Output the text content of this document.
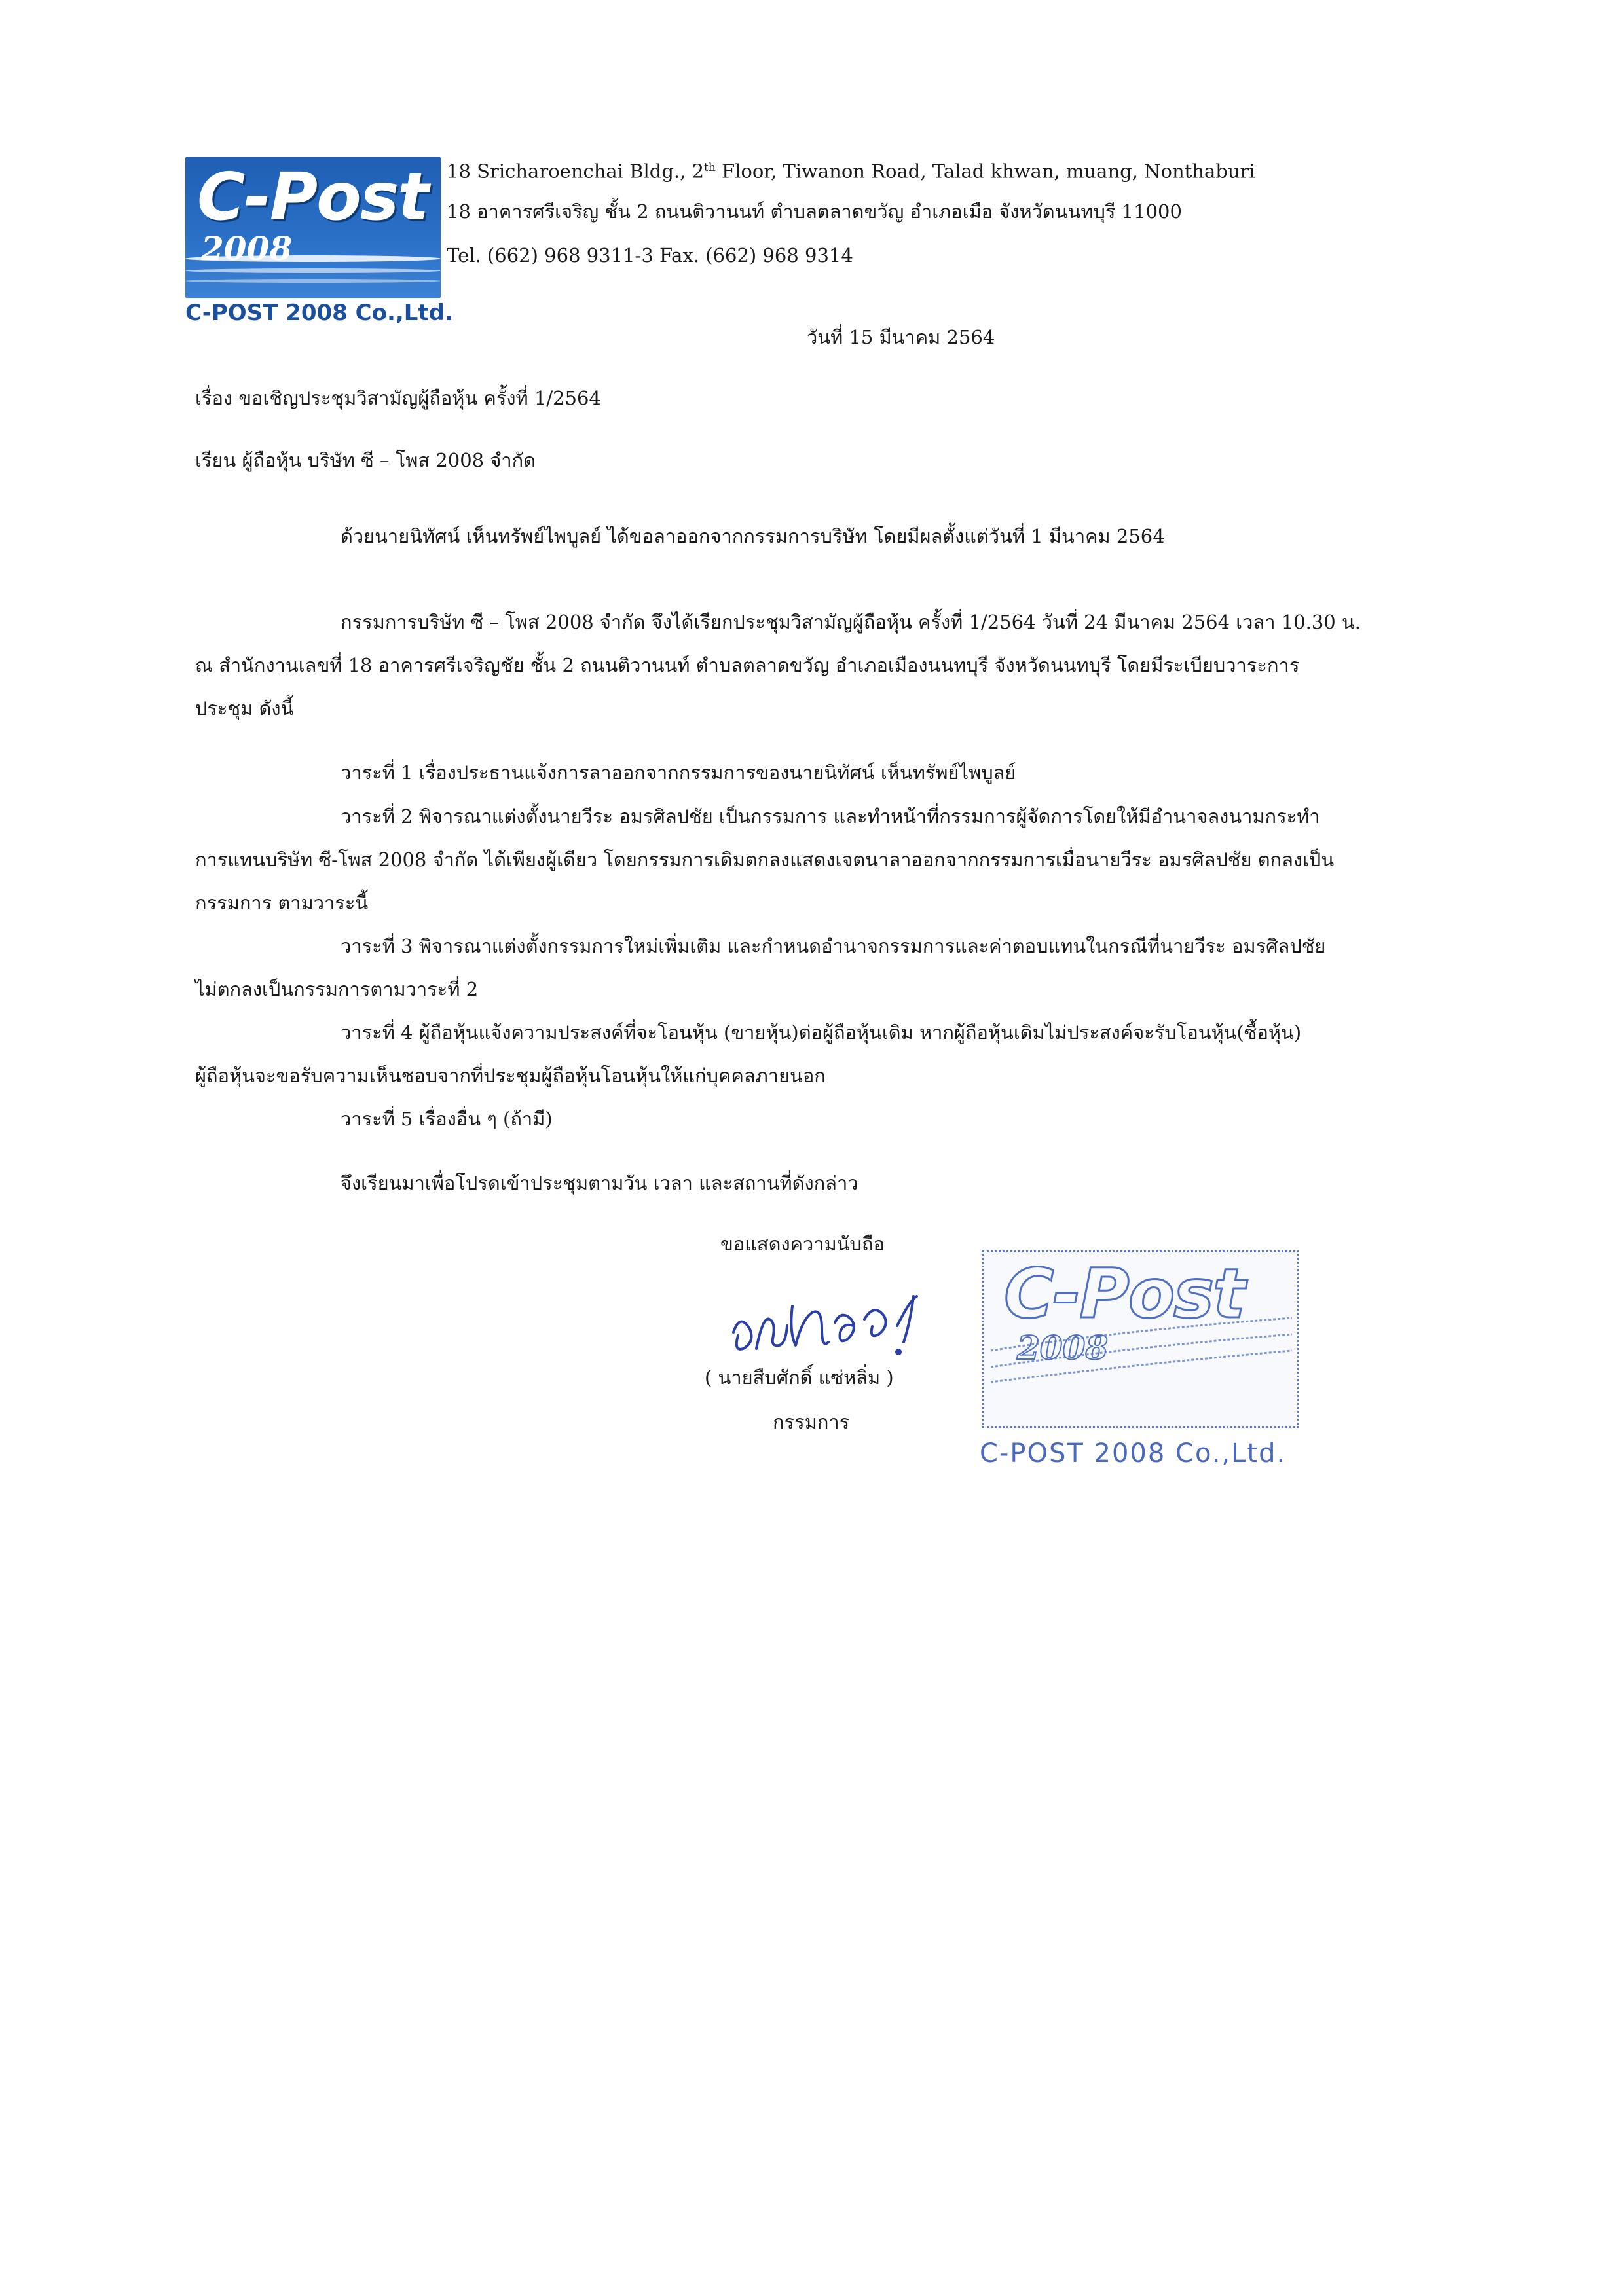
C-Post
2008
C-POST 2008 Co.,Ltd.
18 Sricharoenchai Bldg., 2th Floor, Tiwanon Road, Talad khwan, muang, Nonthaburi
18 อาคารศรีเจริญ ชั้น 2 ถนนติวานนท์ ตำบลตลาดขวัญ อำเภอเมือ จังหวัดนนทบุรี 11000
Tel. (662) 968 9311-3 Fax. (662) 968 9314
วันที่ 15 มีนาคม 2564
เรื่อง ขอเชิญประชุมวิสามัญผู้ถือหุ้น ครั้งที่ 1/2564
เรียน ผู้ถือหุ้น บริษัท ซี – โพส 2008 จำกัด
ด้วยนายนิทัศน์ เห็นทรัพย์ไพบูลย์ ได้ขอลาออกจากกรรมการบริษัท โดยมีผลตั้งแต่วันที่ 1 มีนาคม 2564
กรรมการบริษัท ซี – โพส 2008 จำกัด จึงได้เรียกประชุมวิสามัญผู้ถือหุ้น ครั้งที่ 1/2564 วันที่ 24 มีนาคม 2564 เวลา 10.30 น.
ณ สำนักงานเลขที่ 18 อาคารศรีเจริญชัย ชั้น 2 ถนนติวานนท์ ตำบลตลาดขวัญ อำเภอเมืองนนทบุรี จังหวัดนนทบุรี โดยมีระเบียบวาระการ
ประชุม ดังนี้
วาระที่ 1 เรื่องประธานแจ้งการลาออกจากกรรมการของนายนิทัศน์ เห็นทรัพย์ไพบูลย์
วาระที่ 2 พิจารณาแต่งตั้งนายวีระ อมรศิลปชัย เป็นกรรมการ และทำหน้าที่กรรมการผู้จัดการโดยให้มีอำนาจลงนามกระทำ
การแทนบริษัท ซี-โพส 2008 จำกัด ได้เพียงผู้เดียว โดยกรรมการเดิมตกลงแสดงเจตนาลาออกจากกรรมการเมื่อนายวีระ อมรศิลปชัย ตกลงเป็น
กรรมการ ตามวาระนี้
วาระที่ 3 พิจารณาแต่งตั้งกรรมการใหม่เพิ่มเติม และกำหนดอำนาจกรรมการและค่าตอบแทนในกรณีที่นายวีระ อมรศิลปชัย
ไม่ตกลงเป็นกรรมการตามวาระที่ 2
วาระที่ 4 ผู้ถือหุ้นแจ้งความประสงค์ที่จะโอนหุ้น (ขายหุ้น)ต่อผู้ถือหุ้นเดิม หากผู้ถือหุ้นเดิมไม่ประสงค์จะรับโอนหุ้น(ซื้อหุ้น)
ผู้ถือหุ้นจะขอรับความเห็นชอบจากที่ประชุมผู้ถือหุ้นโอนหุ้นให้แก่บุคคลภายนอก
วาระที่ 5 เรื่องอื่น ๆ (ถ้ามี)
จึงเรียนมาเพื่อโปรดเข้าประชุมตามวัน เวลา และสถานที่ดังกล่าว
ขอแสดงความนับถือ
( นายสืบศักดิ์ แซ่หลิ่ม )
กรรมการ
C-Post
2008
C-POST 2008 Co.,Ltd.
